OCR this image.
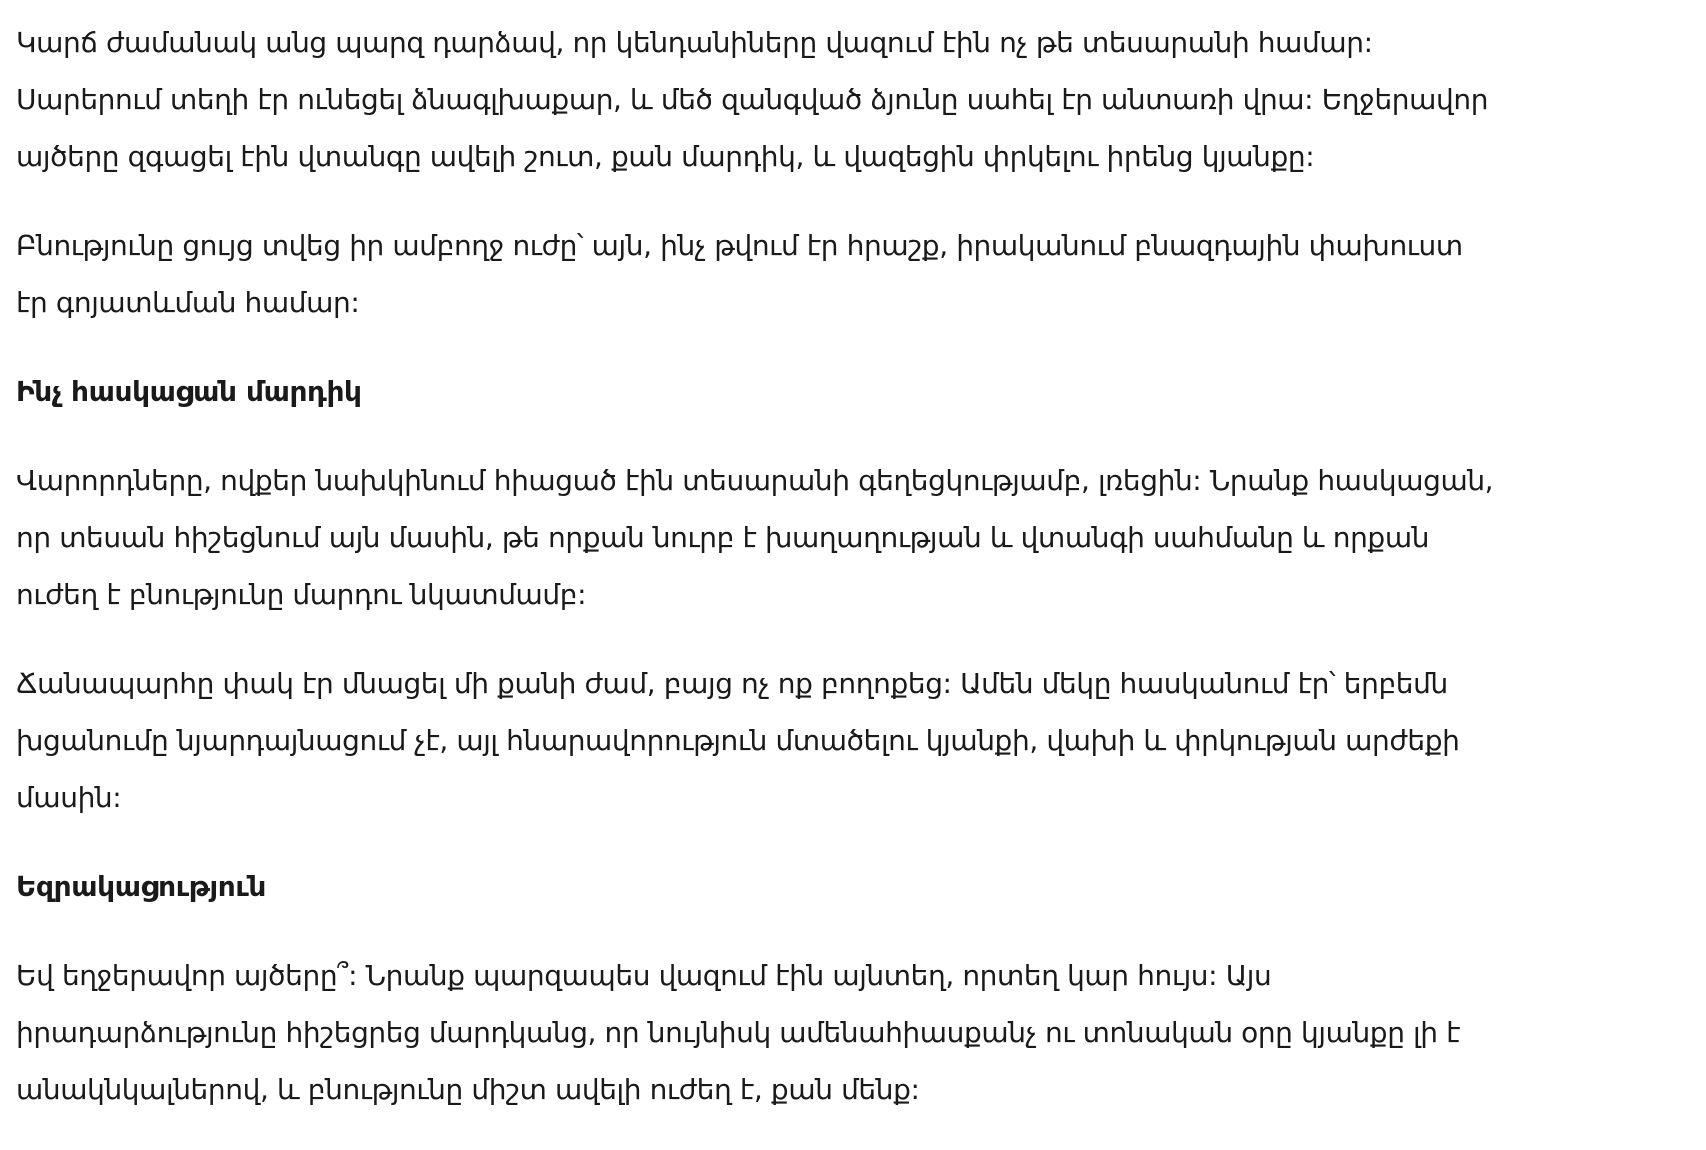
Կարճ ժամանակ անց պարզ դարձավ, որ կենդանիները վազում էին ոչ թե տեսարանի համար:
Սարերում տեղի էր ունեցել ձնագլխաքար, և մեծ զանգված ձյունը սահել էր անտառի վրա: Եղջերավոր
այծերը զգացել էին վտանգը ավելի շուտ, քան մարդիկ, և վազեցին փրկելու իրենց կյանքը:
Բնությունը ցույց տվեց իր ամբողջ ուժը՝ այն, ինչ թվում էր հրաշք, իրականում բնազդային փախուստ
էր գոյատևման համար:
Ինչ հասկացան մարդիկ
Վարորդները, ովքեր նախկինում հիացած էին տեսարանի գեղեցկությամբ, լռեցին: Նրանք հասկացան,
որ տեսան հիշեցնում այն մասին, թե որքան նուրբ է խաղաղության և վտանգի սահմանը և որքան
ուժեղ է բնությունը մարդու նկատմամբ:
Ճանապարհը փակ էր մնացել մի քանի ժամ, բայց ոչ ոք բողոքեց: Ամեն մեկը հասկանում էր՝ երբեմն
խցանումը նյարդայնացում չէ, այլ հնարավորություն մտածելու կյանքի, վախի և փրկության արժեքի
մասին:
Եզրակացություն
Եվ եղջերավոր այծերը՞: Նրանք պարզապես վազում էին այնտեղ, որտեղ կար հույս: Այս
իրադարձությունը հիշեցրեց մարդկանց, որ նույնիսկ ամենահիասքանչ ու տոնական օրը կյանքը լի է
անակնկալներով, և բնությունը միշտ ավելի ուժեղ է, քան մենք:
